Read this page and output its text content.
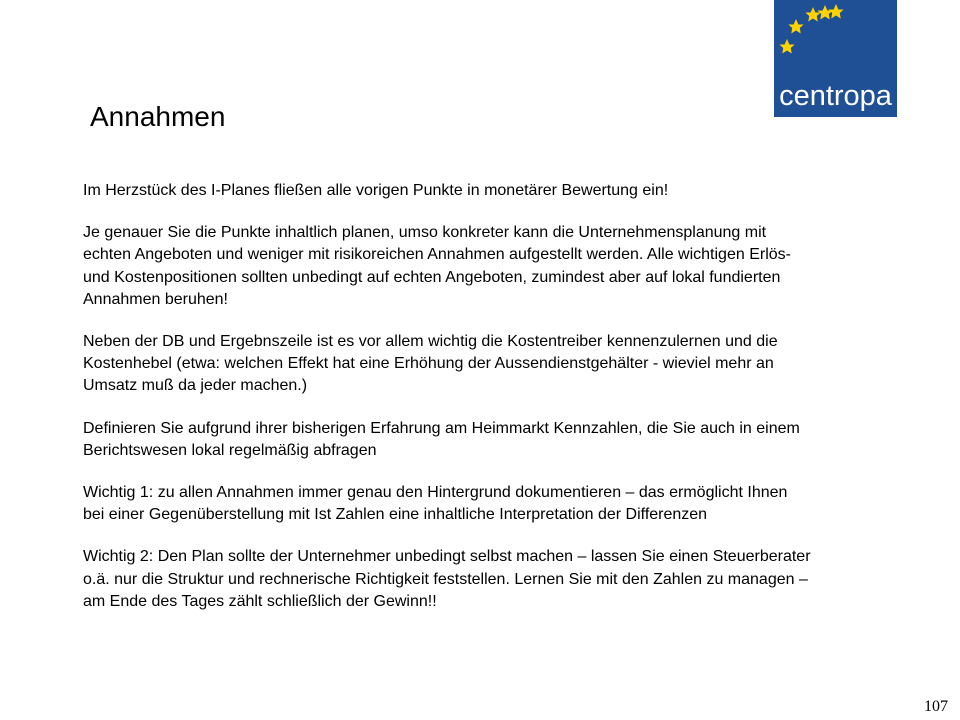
centropa
Annahmen

Im Herzstück des I-Planes fließen alle vorigen Punkte in monetärer Bewertung ein!

Je genauer Sie die Punkte inhaltlich planen, umso konkreter kann die Unternehmensplanung mit
echten Angeboten und weniger mit risikoreichen Annahmen aufgestellt werden. Alle wichtigen Erlös-
und Kostenpositionen sollten unbedingt auf echten Angeboten, zumindest aber auf lokal fundierten
Annahmen beruhen!

Neben der DB und Ergebnszeile ist es vor allem wichtig die Kostentreiber kennenzulernen und die
Kostenhebel (etwa: welchen Effekt hat eine Erhöhung der Aussendienstgehälter - wieviel mehr an
Umsatz muß da jeder machen.)

Definieren Sie aufgrund ihrer bisherigen Erfahrung am Heimmarkt Kennzahlen, die Sie auch in einem
Berichtswesen lokal regelmäßig abfragen

Wichtig 1: zu allen Annahmen immer genau den Hintergrund dokumentieren – das ermöglicht Ihnen
bei einer Gegenüberstellung mit Ist Zahlen eine inhaltliche Interpretation der Differenzen

Wichtig 2: Den Plan sollte der Unternehmer unbedingt selbst machen – lassen Sie einen Steuerberater
o.ä. nur die Struktur und rechnerische Richtigkeit feststellen. Lernen Sie mit den Zahlen zu managen –
am Ende des Tages zählt schließlich der Gewinn!!

107
